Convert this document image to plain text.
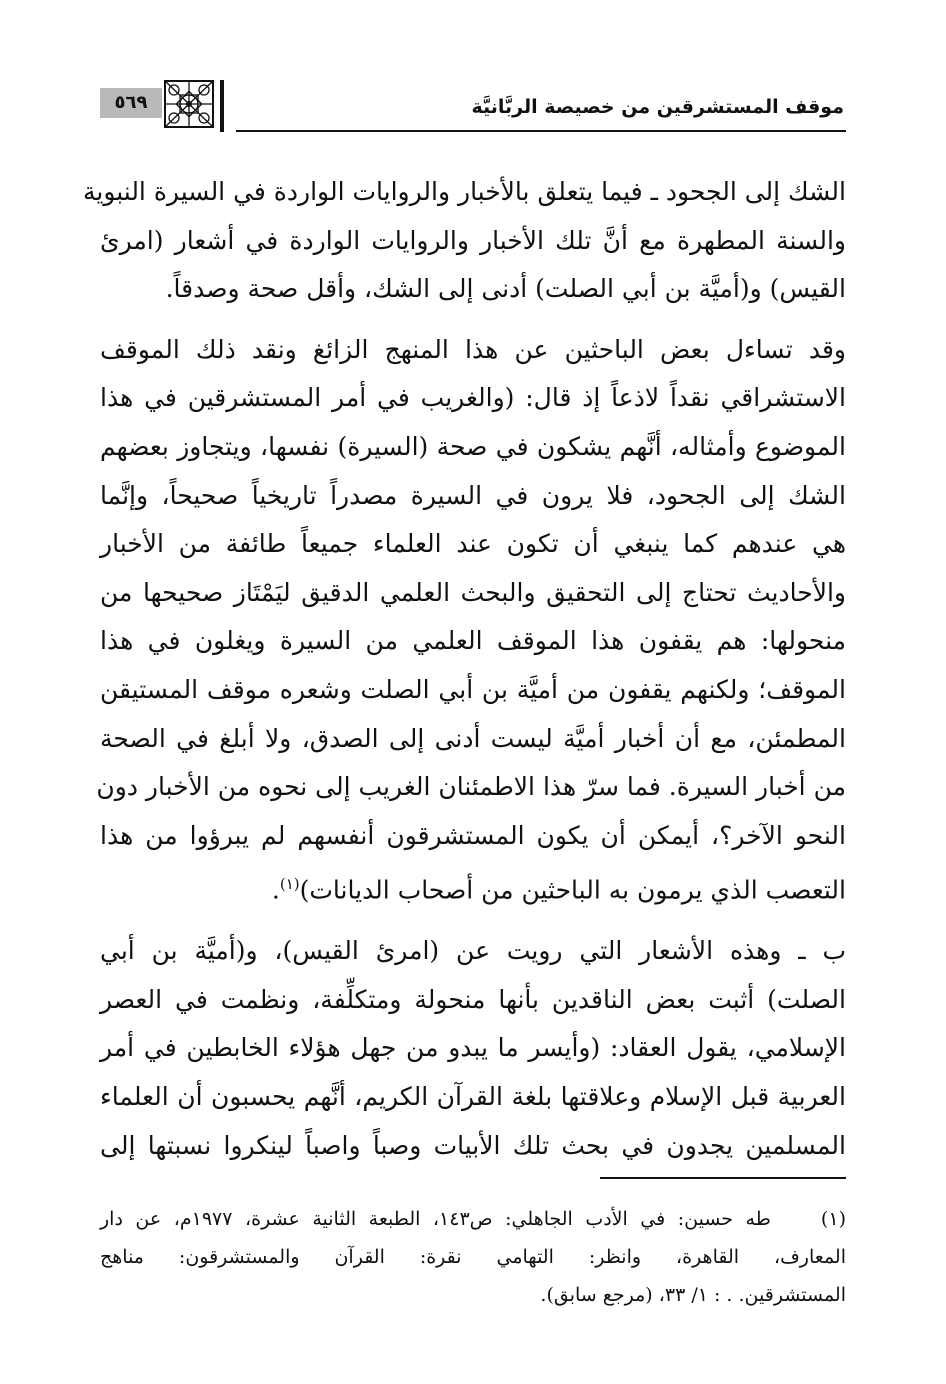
٥٦٩	موقف المستشرقين من خصيصة الربَّانيَّة
الشك إلى الجحود ـ فيما يتعلق بالأخبار والروايات الواردة في السيرة النبوية
والسنة المطهرة مع أنَّ تلك الأخبار والروايات الواردة في أشعار (امرئ
القيس) و(أميَّة بن أبي الصلت) أدنى إلى الشك، وأقل صحة وصدقاً.
وقد تساءل بعض الباحثين عن هذا المنهج الزائغ ونقد ذلك الموقف
الاستشراقي نقداً لاذعاً إذ قال: (والغريب في أمر المستشرقين في هذا
الموضوع وأمثاله، أنَّهم يشكون في صحة (السيرة) نفسها، ويتجاوز بعضهم
الشك إلى الجحود، فلا يرون في السيرة مصدراً تاريخياً صحيحاً، وإنَّما
هي عندهم كما ينبغي أن تكون عند العلماء جميعاً طائفة من الأخبار
والأحاديث تحتاج إلى التحقيق والبحث العلمي الدقيق ليَمْتَاز صحيحها من
منحولها: هم يقفون هذا الموقف العلمي من السيرة ويغلون في هذا
الموقف؛ ولكنهم يقفون من أميَّة بن أبي الصلت وشعره موقف المستيقن
المطمئن، مع أن أخبار أميَّة ليست أدنى إلى الصدق، ولا أبلغ في الصحة
من أخبار السيرة. فما سرّ هذا الاطمئنان الغريب إلى نحوه من الأخبار دون
النحو الآخر؟، أيمكن أن يكون المستشرقون أنفسهم لم يبرؤوا من هذا
التعصب الذي يرمون به الباحثين من أصحاب الديانات)$^{(١)}$.
ب ـ وهذه الأشعار التي رويت عن (امرئ القيس)، و(أميَّة بن أبي
الصلت) أثبت بعض الناقدين بأنها منحولة ومتكلِّفة، ونظمت في العصر
الإسلامي، يقول العقاد: (وأيسر ما يبدو من جهل هؤلاء الخابطين في أمر
العربية قبل الإسلام وعلاقتها بلغة القرآن الكريم، أنَّهم يحسبون أن العلماء
المسلمين يجدون في بحث تلك الأبيات وصباً واصباً لينكروا نسبتها إلى
(١)    طه حسين: في الأدب الجاهلي: ص١٤٣، الطبعة الثانية عشرة، ١٩٧٧م، عن دار
المعارف، القاهرة، وانظر: التهامي نقرة: القرآن والمستشرقون: مناهج
المستشرقين. . : ١/ ٣٣، (مرجع سابق).
